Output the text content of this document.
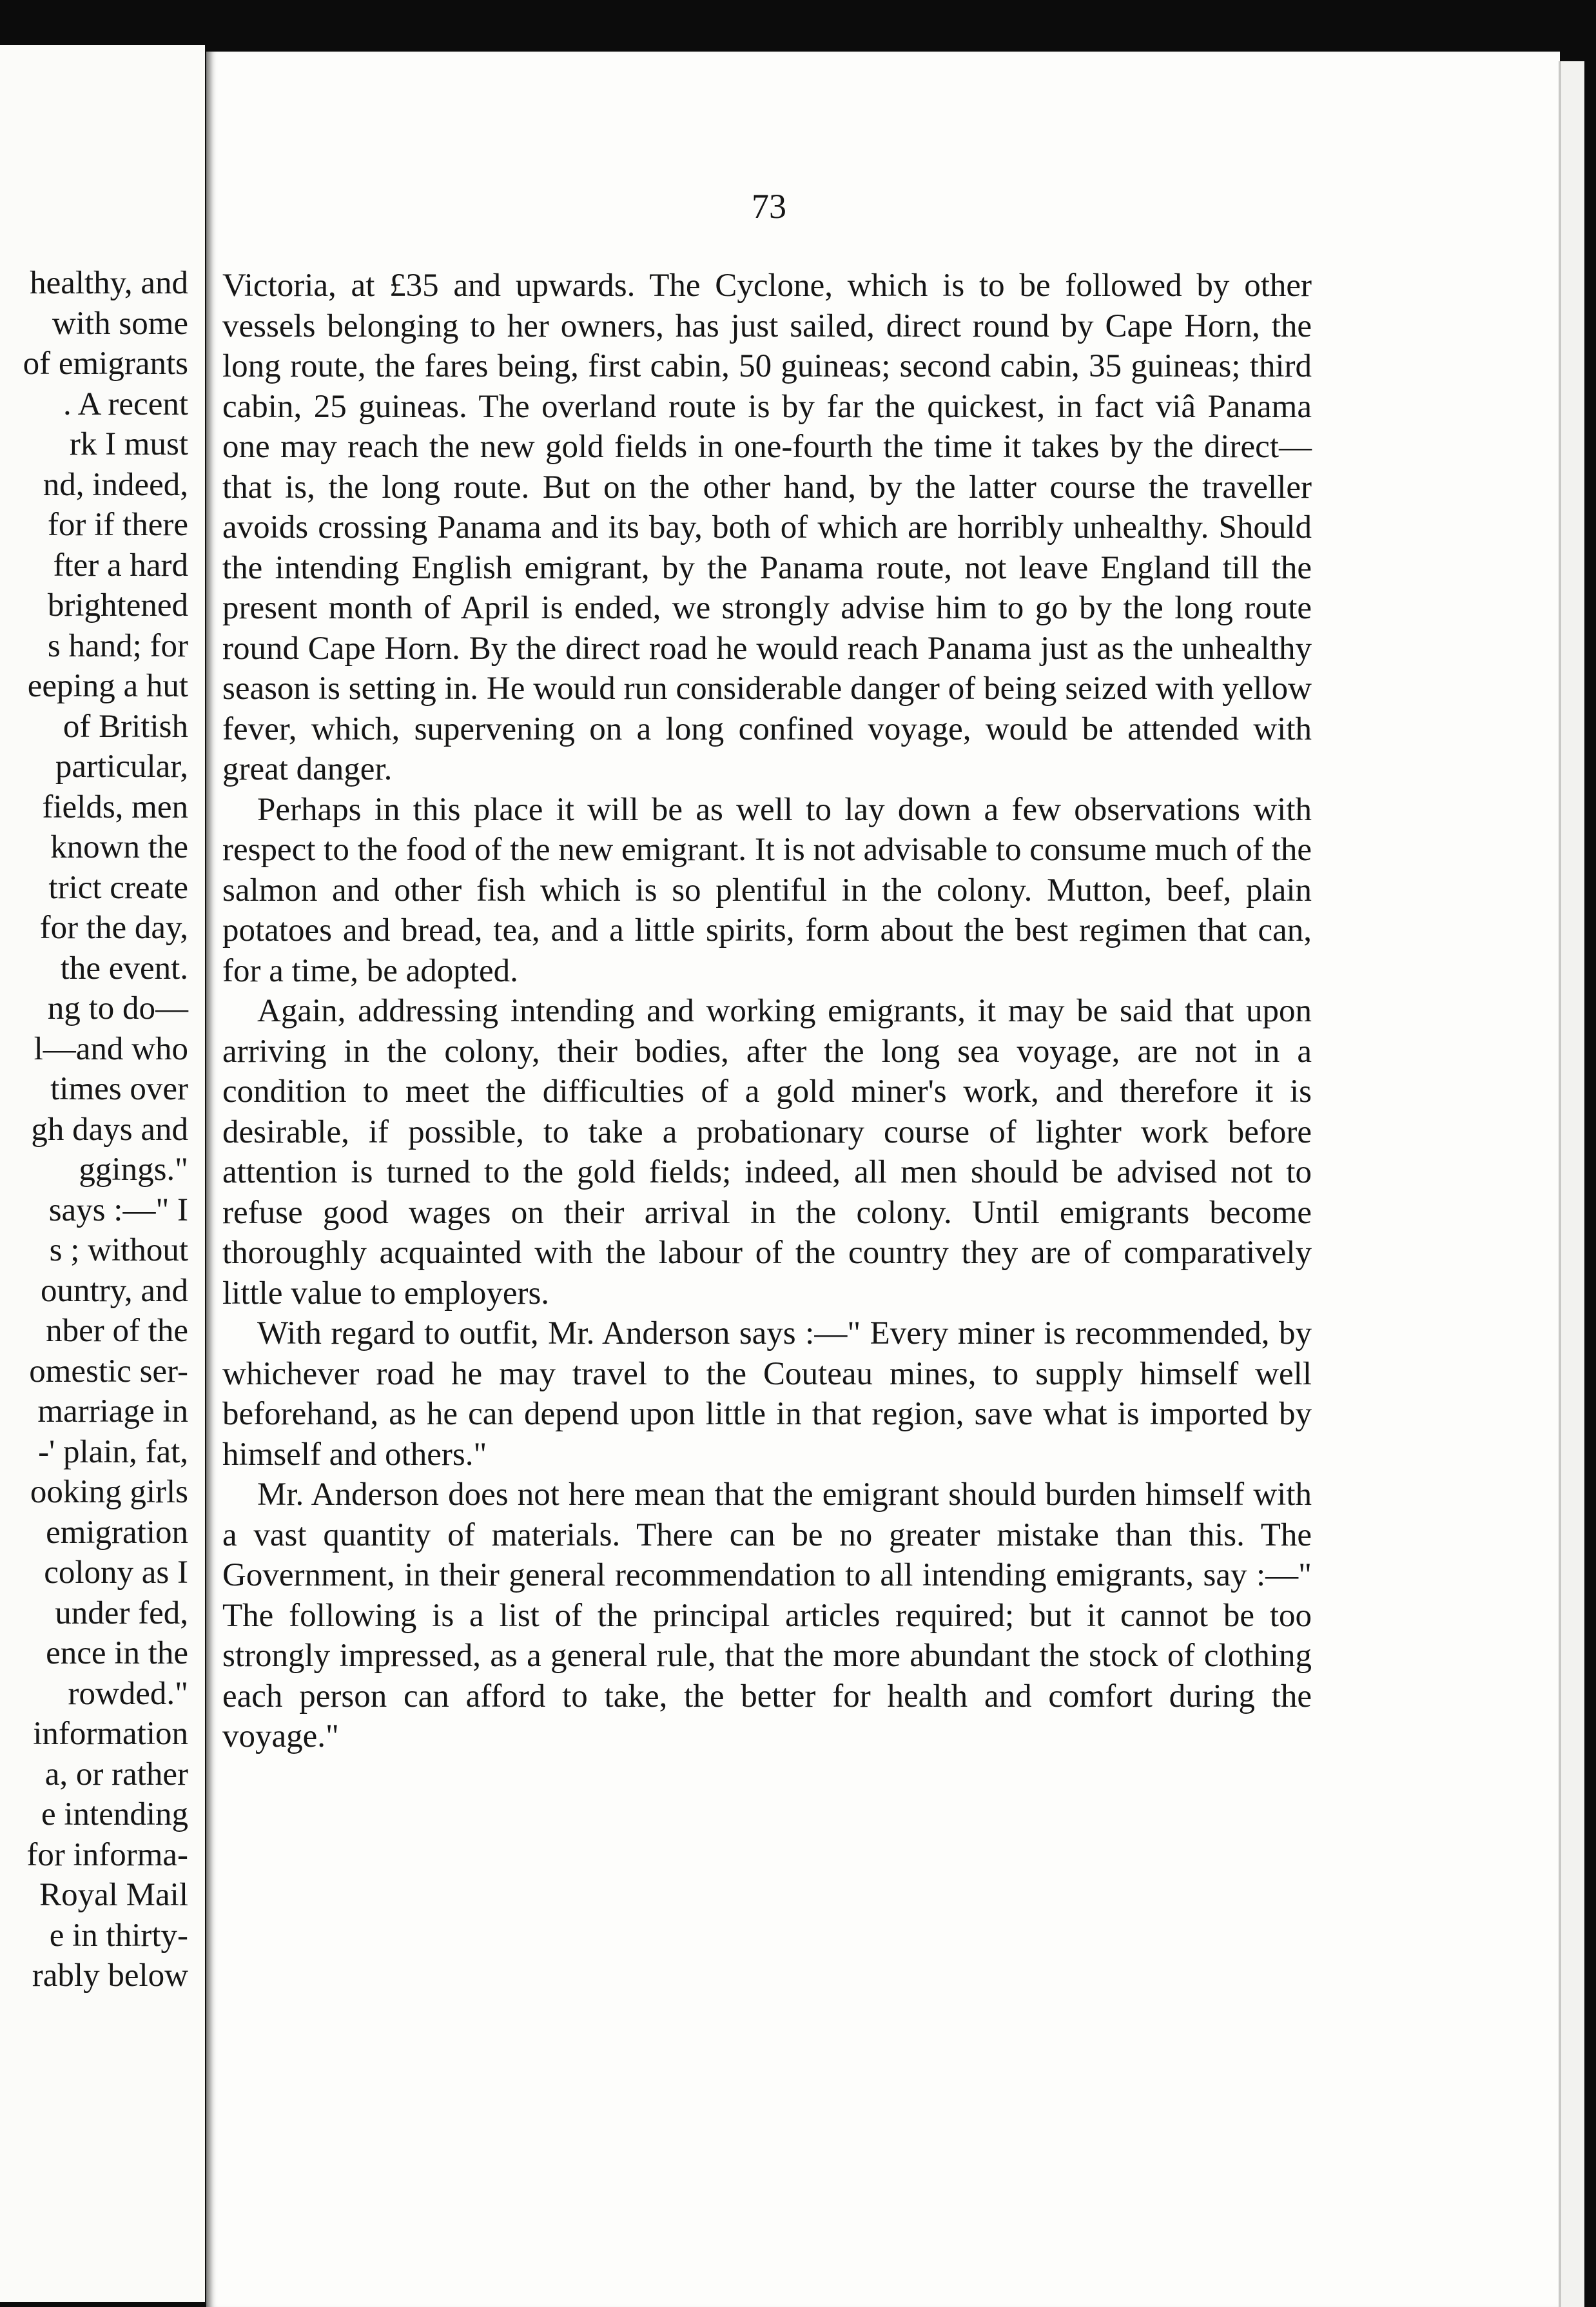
healthy, and
with some
of emigrants
. A recent
rk I must
nd, indeed,
for if there
fter a hard
brightened
s hand; for
eeping a hut
of British
particular,
fields, men
known the
trict create
for the day,
the event.
ng to do—
l—and who
times over
gh days and
ggings."
says :—" I
s ; without
ountry, and
nber of the
omestic ser-
marriage in
-' plain, fat,
ooking girls
emigration
colony as I
under fed,
ence in the
rowded."
information
a, or rather
e intending
for informa-
Royal Mail
e in thirty-
rably below
73

Victoria, at £35 and upwards. The Cyclone, which is to be followed by other vessels belonging to her owners, has just sailed, direct round by Cape Horn, the long route, the fares being, first cabin, 50 guineas; second cabin, 35 guineas; third cabin, 25 guineas. The overland route is by far the quickest, in fact viâ Panama one may reach the new gold fields in one-fourth the time it takes by the direct—that is, the long route. But on the other hand, by the latter course the traveller avoids crossing Panama and its bay, both of which are horribly unhealthy. Should the intending English emigrant, by the Panama route, not leave England till the present month of April is ended, we strongly advise him to go by the long route round Cape Horn. By the direct road he would reach Panama just as the unhealthy season is setting in. He would run considerable danger of being seized with yellow fever, which, supervening on a long confined voyage, would be attended with great danger.

Perhaps in this place it will be as well to lay down a few observations with respect to the food of the new emigrant. It is not advisable to consume much of the salmon and other fish which is so plentiful in the colony. Mutton, beef, plain potatoes and bread, tea, and a little spirits, form about the best regimen that can, for a time, be adopted.

Again, addressing intending and working emigrants, it may be said that upon arriving in the colony, their bodies, after the long sea voyage, are not in a condition to meet the difficulties of a gold miner's work, and therefore it is desirable, if possible, to take a probationary course of lighter work before attention is turned to the gold fields; indeed, all men should be advised not to refuse good wages on their arrival in the colony. Until emigrants become thoroughly acquainted with the labour of the country they are of comparatively little value to employers.

With regard to outfit, Mr. Anderson says :—" Every miner is recommended, by whichever road he may travel to the Couteau mines, to supply himself well beforehand, as he can depend upon little in that region, save what is imported by himself and others."

Mr. Anderson does not here mean that the emigrant should burden himself with a vast quantity of materials. There can be no greater mistake than this. The Government, in their general recommendation to all intending emigrants, say :—" The following is a list of the principal articles required; but it cannot be too strongly impressed, as a general rule, that the more abundant the stock of clothing each person can afford to take, the better for health and comfort during the voyage."
